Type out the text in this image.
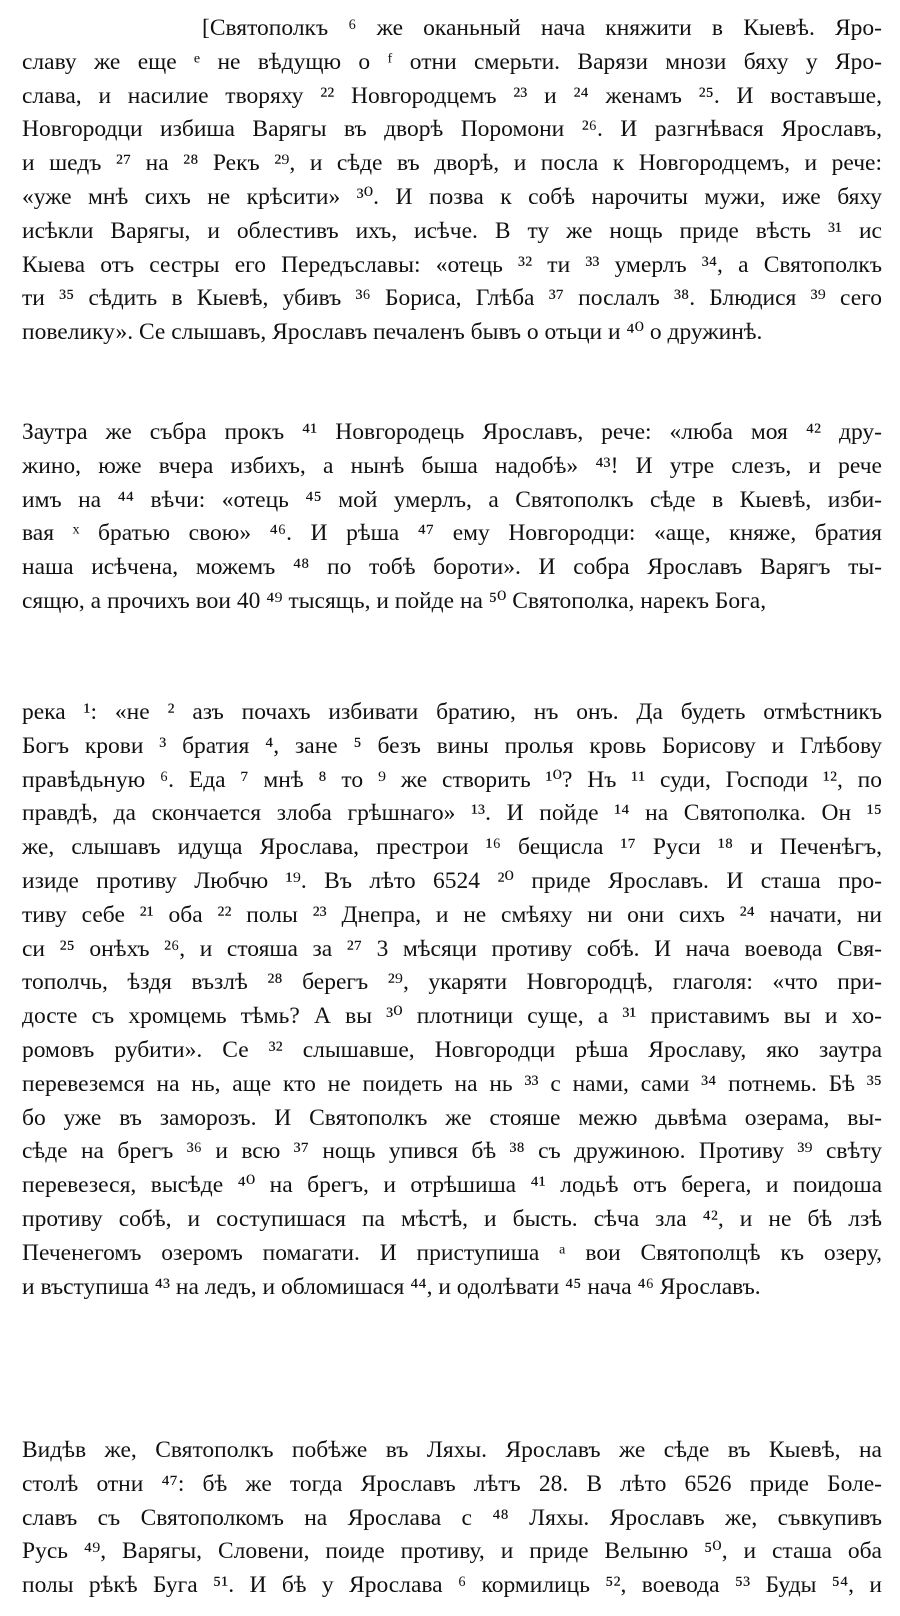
[Святополкъ ⁶ же оканьный нача княжити в Кыевѣ. Яро-
славу же еще ᵉ не вѣдущю о ᶠ отни смерьти. Варязи мнози бяху у Яро-
слава, и насилие творяху ²² Новгородцемъ ²³ и ²⁴ женамъ ²⁵. И воставъше,
Новгородци избиша Варягы въ дворѣ Поромони ²⁶. И разгнѣвася Ярославъ,
и шедъ ²⁷ на ²⁸ Рекъ ²⁹, и сѣде въ дворѣ, и посла к Новгородцемъ, и рече:
«уже мнѣ сихъ не крѣсити» ³⁰. И позва к собѣ нарочиты мужи, иже бяху
исѣкли Варягы, и облестивъ ихъ, исѣче. В ту же нощь приде вѣсть ³¹ ис
Кыева отъ сестры его Передъславы: «отець ³² ти ³³ умерлъ ³⁴, а Святополкъ
ти ³⁵ сѣдить в Кыевѣ, убивъ ³⁶ Бориса, Глѣба ³⁷ послалъ ³⁸. Блюдися ³⁹ сего
повелику». Се слышавъ, Ярославъ печаленъ бывъ о отьци и ⁴⁰ о дружинѣ.
Заутра же събра прокъ ⁴¹ Новгородець Ярославъ, рече: «люба моя ⁴² дру-
жино, юже вчера избихъ, а нынѣ быша надобѣ» ⁴³! И утре слезъ, и рече
имъ на ⁴⁴ вѣчи: «отець ⁴⁵ мой умерлъ, а Святополкъ сѣде в Кыевѣ, изби-
вая ˣ братью свою» ⁴⁶. И рѣша ⁴⁷ ему Новгородци: «аще, княже, братия
наша исѣчена, можемъ ⁴⁸ по тобѣ борoти». И собра Ярославъ Варягъ ты-
сящю, а прочихъ вои 40 ⁴⁹ тысящь, и пойде на ⁵⁰ Святополка, нарекъ Бога,
река ¹: «не ² азъ почахъ избивати братию, нъ онъ. Да будеть отмѣстникъ
Богъ крови ³ братия ⁴, зане ⁵ безъ вины пролья кровь Борисову и Глѣбову
правѣдьную ⁶. Еда ⁷ мнѣ ⁸ то ⁹ же створить ¹⁰? Нъ ¹¹ суди, Господи ¹², по
правдѣ, да скончается злоба грѣшнаго» ¹³. И пойде ¹⁴ на Святополка. Он ¹⁵
же, слышавъ идуща Ярослава, престрои ¹⁶ бещисла ¹⁷ Руси ¹⁸ и Печенѣгъ,
изиде противу Любчю ¹⁹. Въ лѣто 6524 ²⁰ приде Ярославъ. И сташа про-
тиву себе ²¹ оба ²² полы ²³ Днепра, и не смѣяху ни они сихъ ²⁴ начати, ни
си ²⁵ онѣхъ ²⁶, и стояша за ²⁷ 3 мѣсяци противу собѣ. И нача воевода Свя-
тополчь, ѣздя възлѣ ²⁸ берегъ ²⁹, укаряти Новгородцѣ, глаголя: «что при-
досте съ хромцемь тѣмь? А вы ³⁰ плотници суще, а ³¹ приставимъ вы и хо-
ромовъ рубити». Се ³² слышавше, Новгородци рѣша Ярославу, яко заутра
перевеземся на нь, аще кто не поидеть на нь ³³ с нами, сами ³⁴ потнемь. Бѣ ³⁵
бо уже въ заморозъ. И Святополкъ же стояше межю дьвѣма озерама, вы-
сѣде на брегъ ³⁶ и всю ³⁷ нощь упився бѣ ³⁸ съ дружиною. Противу ³⁹ свѣту
перевезеся, высѣде ⁴⁰ на брегъ, и отрѣшиша ⁴¹ лодьѣ отъ берега, и поидоша
противу собѣ, и соступишася па мѣстѣ, и бысть. сѣча зла ⁴², и не бѣ лзѣ
Печенегомъ озеромъ помагати. И приступиша ᵃ вои Святополцѣ къ озеру,
и въступиша ⁴³ на ледъ, и обломишася ⁴⁴, и одолѣвати ⁴⁵ нача ⁴⁶ Ярославъ.
Видѣв же, Святополкъ побѣже въ Ляхы. Ярославъ же сѣде въ Кыевѣ, на
столѣ отни ⁴⁷: бѣ же тогда Ярославъ лѣтъ 28. В лѣто 6526 приде Боле-
славъ съ Святополкомъ на Ярослава с ⁴⁸ Ляхы. Ярославъ же, съвкупивъ
Русь ⁴⁹, Варягы, Словени, поиде противу, и приде Велыню ⁵⁰, и сташа оба
полы рѣкѣ Буга ⁵¹. И бѣ у Ярослава ⁶ кормилиць ⁵², воевода ⁵³ Буды ⁵⁴, и
